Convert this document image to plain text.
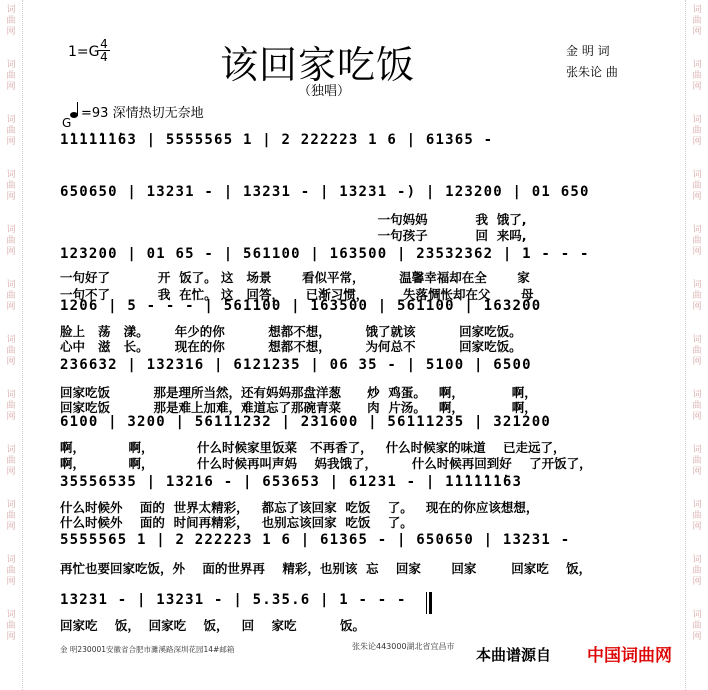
词
曲
网
词
曲
网
词
曲
网
词
曲
网
词
曲
网
词
曲
网
词
曲
网
词
曲
网
词
曲
网
词
曲
网
词
曲
网
词
曲
网
词
曲
网
词
曲
网
词
曲
网
词
曲
网
词
曲
网
词
曲
网
词
曲
网
词
曲
网
词
曲
网
词
曲
网
词
曲
网
词
曲
网
1=G 4
4	该回家吃饭
（独唱）
金 明 词
张朱论 曲
=93 深情热切无奈地
G
1̇1̇1̇1̇1̇1̇63 | 5555565 1 | 2 222223 1 6 | 61365 -
650650 | 13231 - | 13231 - | 13231 -) | 123200 | 01 650
123200 | 01 65 - | 561100 | 163500 | 23532362 | 1 - - -
1206 | 5 - - - | 561100 | 163500 | 561100 | 163200
236632 | 132316 | 6121235 | 06 35 - | 5100 | 6500
6100 | 3200 | 56111232 | 231600 | 56111235 | 321200
35556535 | 13216 - | 653653 | 61231 - | 1̇1̇1̇1̇1̇1̇63
5555565 1 | 2 222223 1 6 | 61365 - | 650650 | 13231 -
13231 - | 13231 - | 5.35.6 | 1 - - -
一句妈妈           我  饿了,
一句孩子           回  来吗,
一句好了           开  饭了。 这   场景       看似平常，        温馨幸福却在全       家
一句不了           我  在忙。 这   回答，     已渐习惯，        失落惆怅却在父       母
脸上   荡   漾。      年少的你          想都不想，        饿了就该          回家吃饭。
心中   滋   长。      现在的你          想都不想，        为何总不          回家吃饭。
回家吃饭          那是理所当然，还有妈妈那盘洋葱      炒  鸡蛋。   啊，           啊，
回家吃饭          那是难上加难，难道忘了那碗青菜      肉  片汤。   啊，           啊，
啊，          啊，          什么时候家里饭菜   不再香了，   什么时候家的味道    已走远了，
啊，          啊，          什么时候再叫声妈    妈我饿了，        什么时候再回到好    了开饭了，
什么时候外    面的  世界太精彩，   都忘了该回家  吃饭    了。   现在的你应该想想，
什么时候外    面的  时间再精彩，   也别忘该回家  吃饭    了。
再忙也要回家吃饭，外    面的世界再    精彩，也别该  忘    回家       回家        回家吃    饭，
回家吃    饭，  回家吃    饭，   回    家吃          饭。
金 明230001安徽省合肥市濉溪路深圳花园14#邮箱	张朱论443000湖北省宜昌市 本曲谱源自 中国词曲网
